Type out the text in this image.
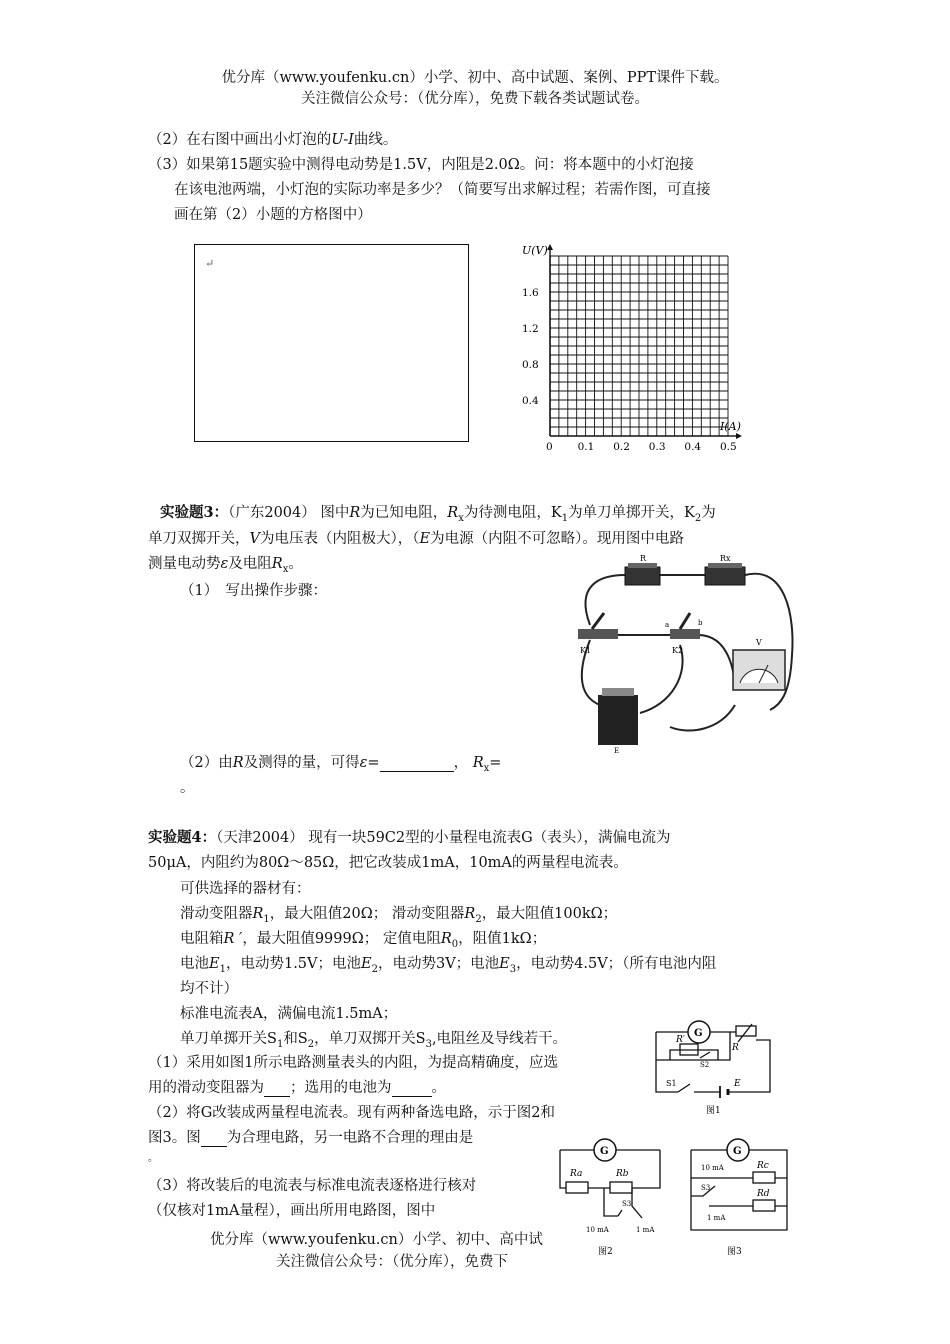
优分库（www.youfenku.cn）小学、初中、高中试题、案例、PPT课件下载。
关注微信公众号：（优分库），免费下载各类试题试卷。
（2）在右图中画出小灯泡的U-I曲线。
（3）如果第15题实验中测得电动势是1.5V，内阻是2.0Ω。问：将本题中的小灯泡接
在该电池两端，小灯泡的实际功率是多少？（简要写出求解过程；若需作图，可直接
画在第（2）小题的方格图中）
↵
U(V)
I(A)
0 0.1 0.2 0.3 0.4 0.5
0.4
0.8
1.2
1.6
实验题3：（广东2004） 图中R为已知电阻，$R_x$为待测电阻，$K_1$为单刀单掷开关，$K_2$为
单刀双掷开关，V为电压表（内阻极大），（E为电源（内阻不可忽略）。现用图中电路
测量电动势ε及电阻$R_x$。
（1）　写出操作步骤：
R	Rx
K1
a	b
K2
V
E
（2）由R及测得的量，可得ε=	， $R_x=$
。
实验题4：（天津2004） 现有一块59C2型的小量程电流表G（表头），满偏电流为
50μA，内阻约为80Ω～85Ω，把它改装成1mA，10mA的两量程电流表。
可供选择的器材有：
滑动变阻器$R_1$，最大阻值20Ω； 滑动变阻器$R_2$，最大阻值100kΩ；
电阻箱R ′，最大阻值9999Ω； 定值电阻$R_0$，阻值1kΩ；
电池$E_1$，电动势1.5V；电池$E_2$，电动势3V；电池$E_3$，电动势4.5V；（所有电池内阻
均不计）
标准电流表A，满偏电流1.5mA；
单刀单掷开关$S_1$和$S_2$，单刀双掷开关$S_3$,电阻丝及导线若干。
（1）采用如图1所示电路测量表头的内阻，为提高精确度，应选
用的滑动变阻器为 ；选用的电池为	。
（2）将G改装成两量程电流表。现有两种备选电路，示于图2和
图3。图 为合理电路，另一电路不合理的理由是
。
（3）将改装后的电流表与标准电流表逐格进行核对
（仅核对1mA量程），画出所用电路图，图中
G
R′
R
S2
S1	E
图1
G
Ra	Rb
S3
10 mA	1 mA
图2
G
10 mA	Rc
S3
Rd
1 mA
图3
优分库（www.youfenku.cn）小学、初中、高中试
关注微信公众号：（优分库），免费下
